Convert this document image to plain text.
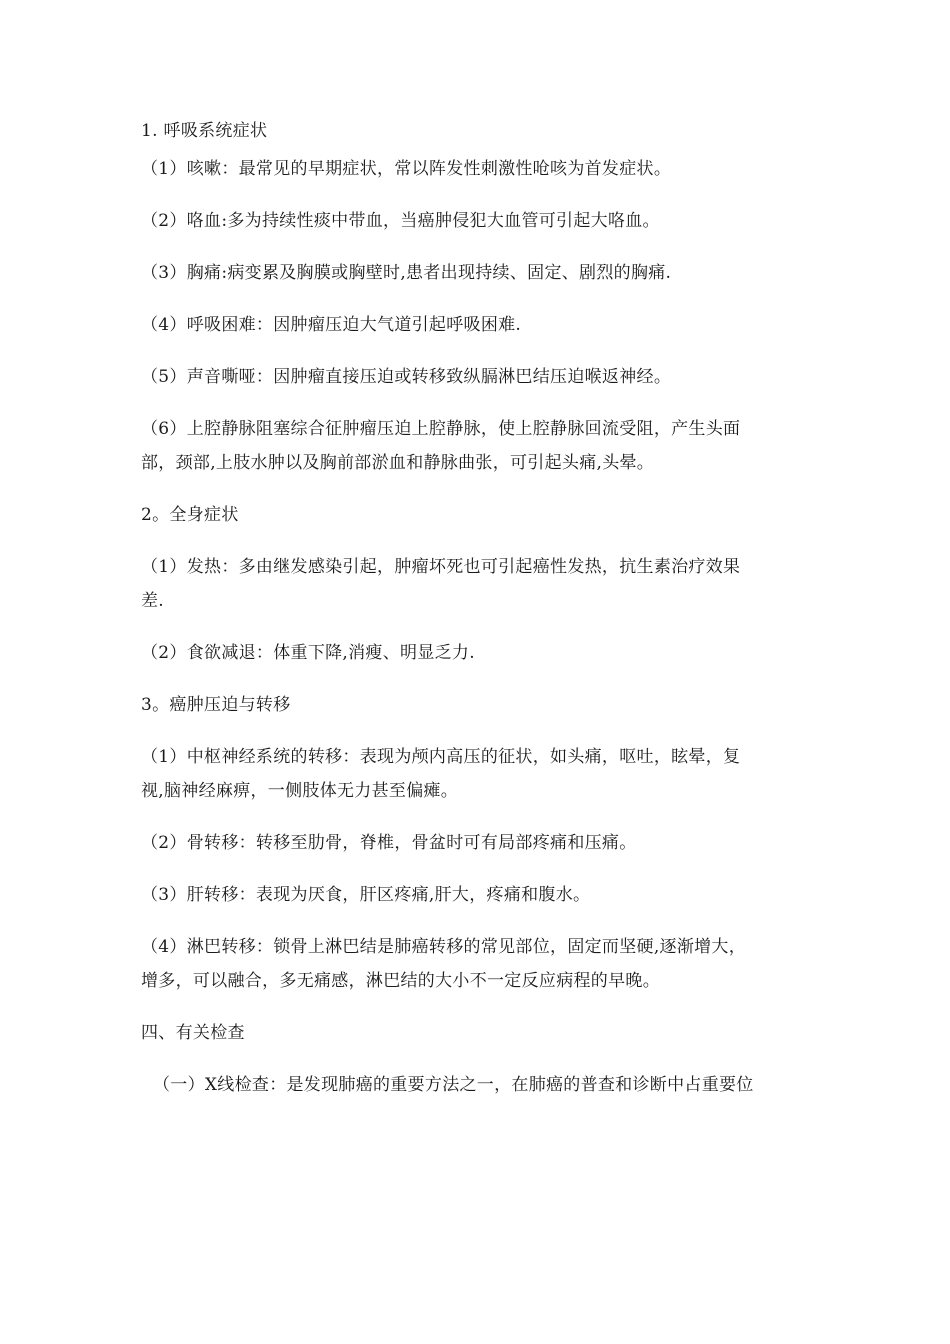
1. 呼吸系统症状
（1）咳嗽：最常见的早期症状，常以阵发性刺激性呛咳为首发症状。
（2）咯血:多为持续性痰中带血，当癌肿侵犯大血管可引起大咯血。
（3）胸痛:病变累及胸膜或胸壁时,患者出现持续、固定、剧烈的胸痛.
（4）呼吸困难：因肿瘤压迫大气道引起呼吸困难.
（5）声音嘶哑：因肿瘤直接压迫或转移致纵膈淋巴结压迫喉返神经。
（6）上腔静脉阻塞综合征肿瘤压迫上腔静脉，使上腔静脉回流受阻，产生头面
部，颈部,上肢水肿以及胸前部淤血和静脉曲张，可引起头痛,头晕。
2。全身症状
（1）发热：多由继发感染引起，肿瘤坏死也可引起癌性发热，抗生素治疗效果
差.
（2）食欲减退：体重下降,消瘦、明显乏力.
3。癌肿压迫与转移
（1）中枢神经系统的转移：表现为颅内高压的征状，如头痛，呕吐，眩晕，复
视,脑神经麻痹，一侧肢体无力甚至偏瘫。
（2）骨转移：转移至肋骨，脊椎，骨盆时可有局部疼痛和压痛。
（3）肝转移：表现为厌食，肝区疼痛,肝大，疼痛和腹水。
（4）淋巴转移：锁骨上淋巴结是肺癌转移的常见部位，固定而坚硬,逐渐增大，
增多，可以融合，多无痛感，淋巴结的大小不一定反应病程的早晚。
四、有关检查
（一）X线检查：是发现肺癌的重要方法之一，在肺癌的普查和诊断中占重要位
